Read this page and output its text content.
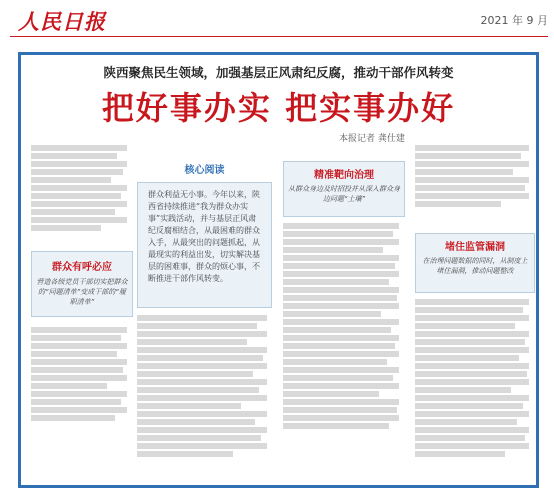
人民日报	2021 年 9 月
陕西聚焦民生领域，加强基层正风肃纪反腐，推动干部作风转变
把好事办实 把实事办好
本报记者 龚仕建
群众有呼必应
营造各级党员干部切实把群众的“问题清单”变成干部的“履职清单”
核心阅读
群众利益无小事。今年以来，陕西省持续推进“我为群众办实事”实践活动，并与基层正风肃纪反腐相结合，从最困难的群众入手，从最突出的问题抓起，从最现实的利益出发，切实解决基层的困难事，群众的烦心事，不断推进干部作风转变。
精准靶向治理
从群众身边及时招投并从深入群众身边问题“土壤”
堵住监管漏洞
在治理问题数据的同时，从制度上堵住漏洞，推动问题整改
